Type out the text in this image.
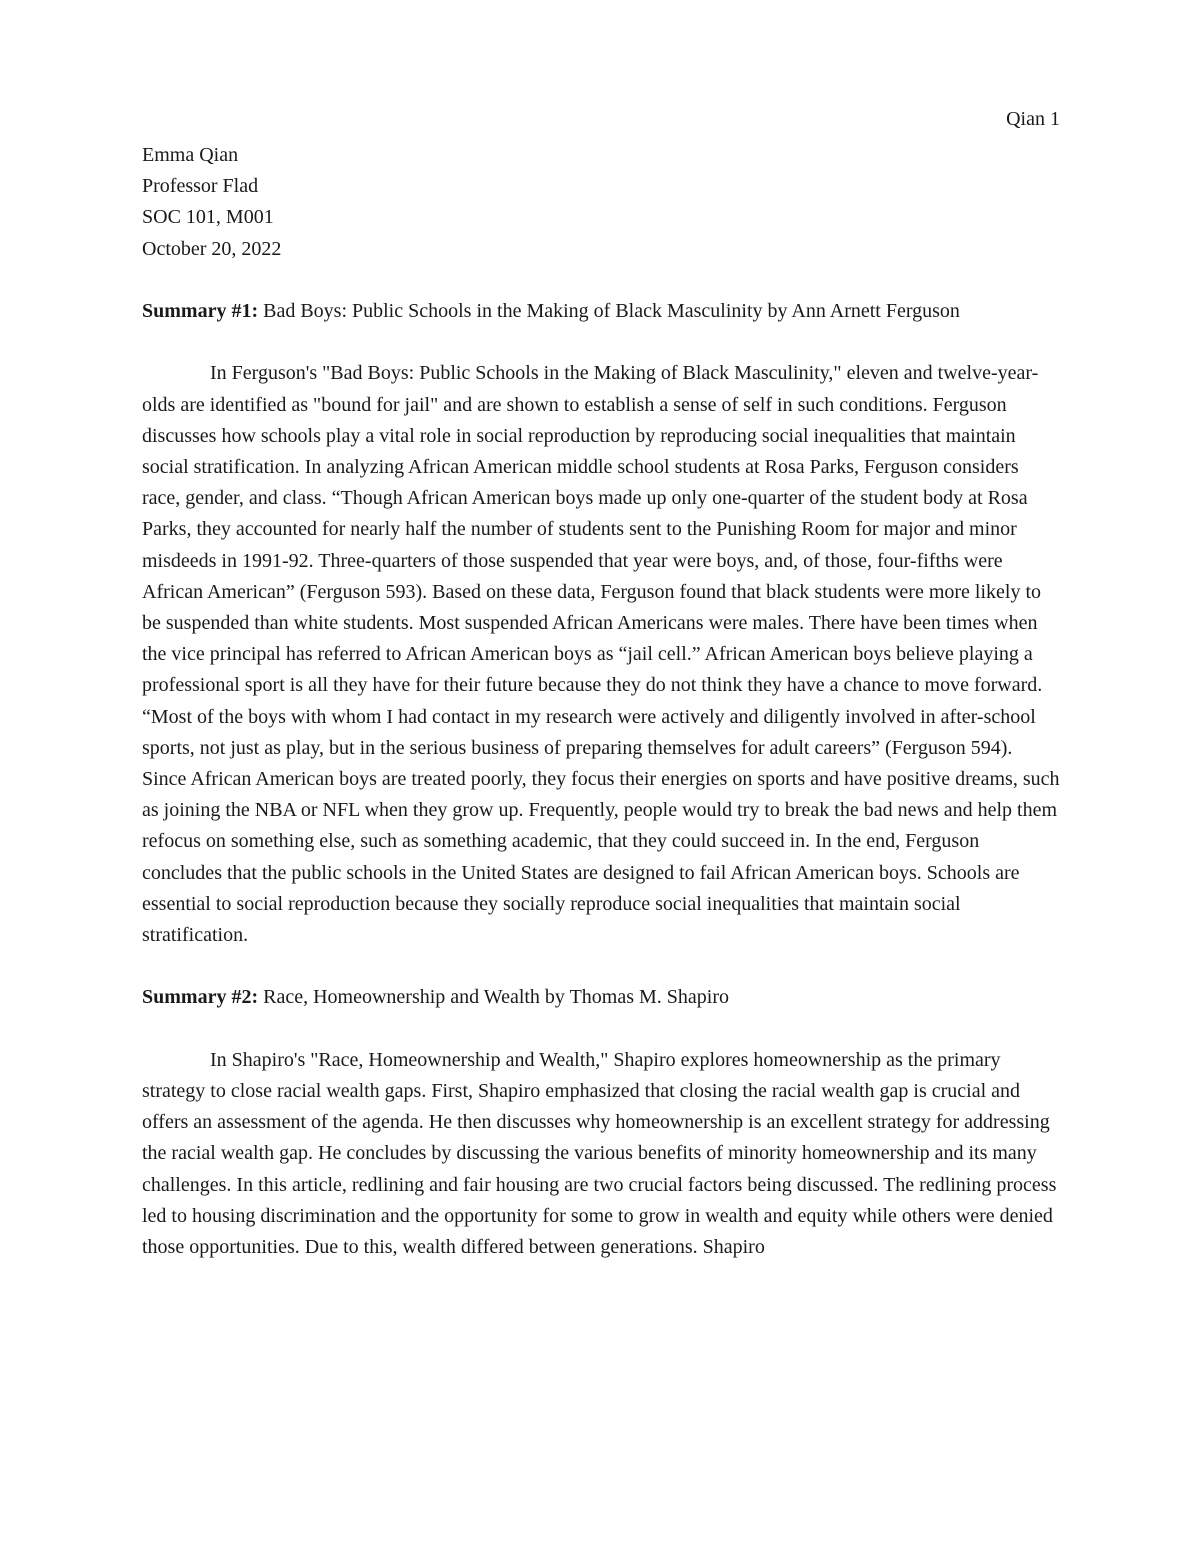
Qian 1

Emma Qian

Professor Flad

SOC 101, M001

October 20, 2022

Summary #1: Bad Boys: Public Schools in the Making of Black Masculinity by Ann Arnett Ferguson

In Ferguson's "Bad Boys: Public Schools in the Making of Black Masculinity," eleven and twelve-year-olds are identified as "bound for jail" and are shown to establish a sense of self in such conditions. Ferguson discusses how schools play a vital role in social reproduction by reproducing social inequalities that maintain social stratification. In analyzing African American middle school students at Rosa Parks, Ferguson considers race, gender, and class. “Though African American boys made up only one-quarter of the student body at Rosa Parks, they accounted for nearly half the number of students sent to the Punishing Room for major and minor misdeeds in 1991-92. Three-quarters of those suspended that year were boys, and, of those, four-fifths were African American” (Ferguson 593). Based on these data, Ferguson found that black students were more likely to be suspended than white students. Most suspended African Americans were males. There have been times when the vice principal has referred to African American boys as “jail cell.” African American boys believe playing a professional sport is all they have for their future because they do not think they have a chance to move forward. “Most of the boys with whom I had contact in my research were actively and diligently involved in after-school sports, not just as play, but in the serious business of preparing themselves for adult careers” (Ferguson 594). Since African American boys are treated poorly, they focus their energies on sports and have positive dreams, such as joining the NBA or NFL when they grow up. Frequently, people would try to break the bad news and help them refocus on something else, such as something academic, that they could succeed in. In the end, Ferguson concludes that the public schools in the United States are designed to fail African American boys. Schools are essential to social reproduction because they socially reproduce social inequalities that maintain social stratification.

Summary #2: Race, Homeownership and Wealth by Thomas M. Shapiro

In Shapiro's "Race, Homeownership and Wealth," Shapiro explores homeownership as the primary strategy to close racial wealth gaps. First, Shapiro emphasized that closing the racial wealth gap is crucial and offers an assessment of the agenda. He then discusses why homeownership is an excellent strategy for addressing the racial wealth gap. He concludes by discussing the various benefits of minority homeownership and its many challenges. In this article, redlining and fair housing are two crucial factors being discussed. The redlining process led to housing discrimination and the opportunity for some to grow in wealth and equity while others were denied those opportunities. Due to this, wealth differed between generations. Shapiro
